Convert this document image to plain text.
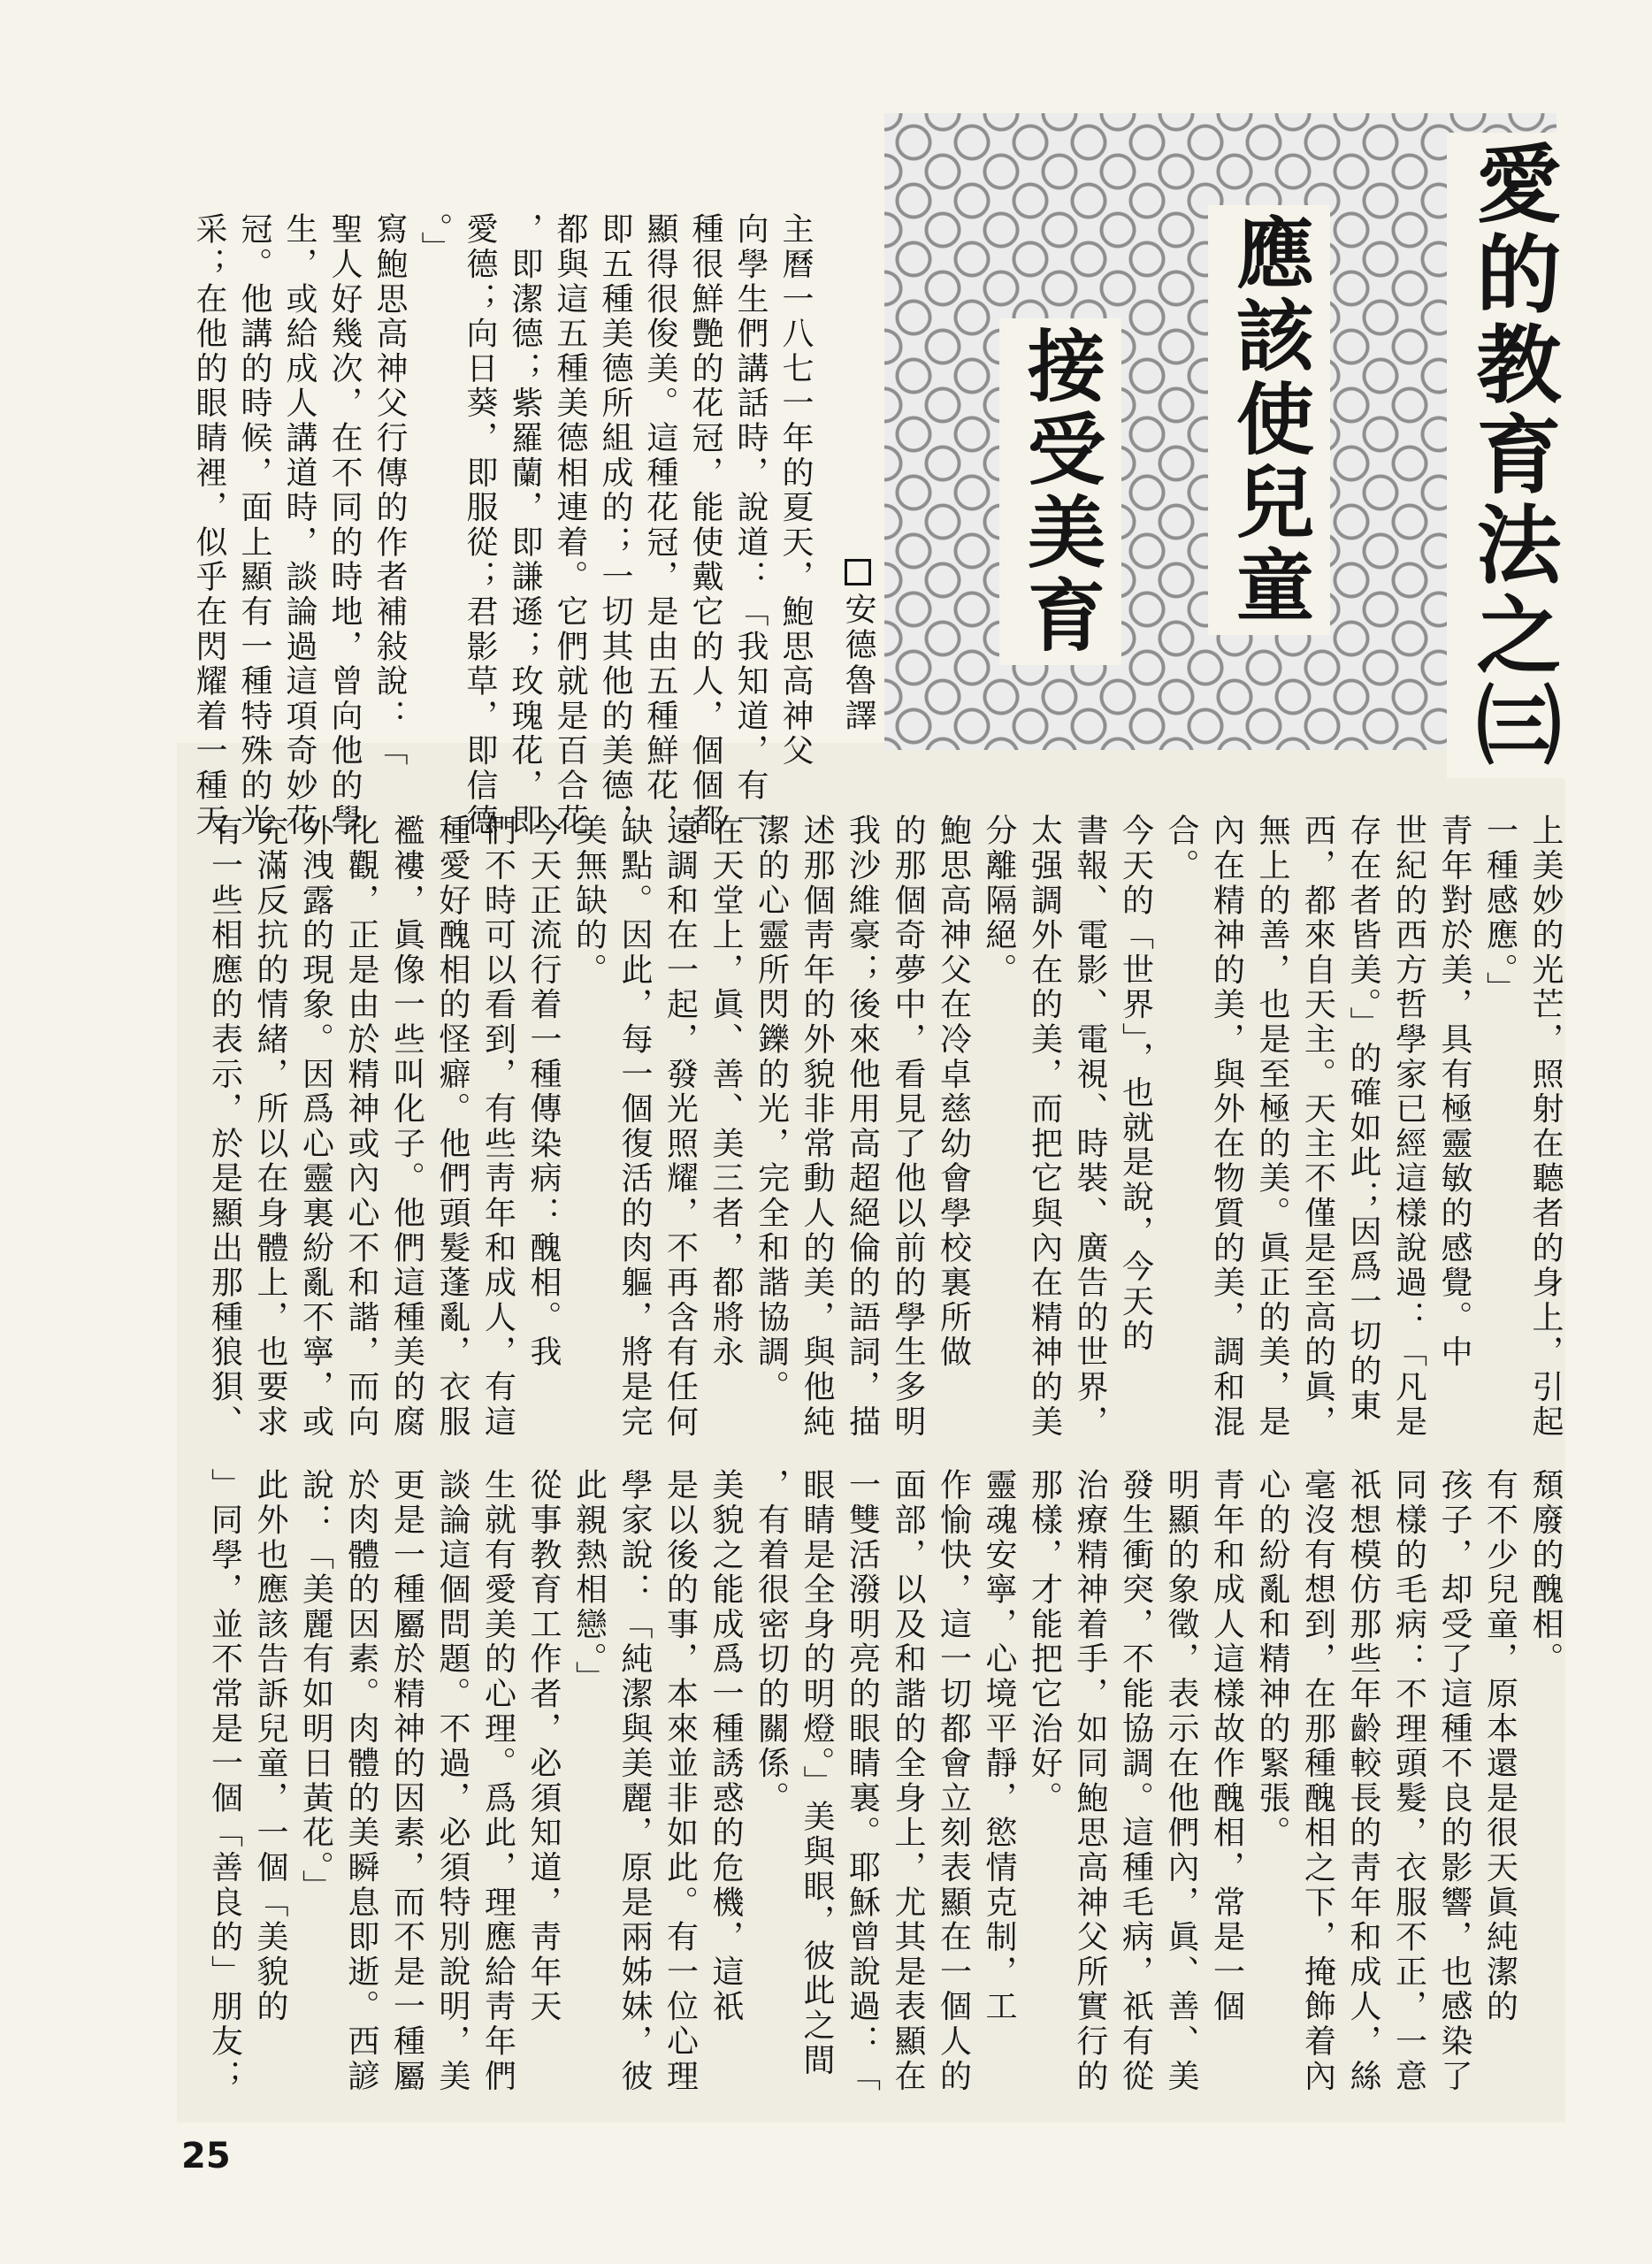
愛的教育法之㈢
應該使兒童
接受美育
安德魯譯
主曆一八七一年的夏天，鮑思高神父
向學生們講話時，說道：「我知道，有一
種很鮮艷的花冠，能使戴它的人，個個都
顯得很俊美。這種花冠，是由五種鮮花，
即五種美德所組成的；一切其他的美德，
都與這五種美德相連着。它們就是百合花
，即潔德；紫羅蘭，即謙遜；玫瑰花，即
愛德；向日葵，即服從；君影草，即信德
。」
寫鮑思高神父行傳的作者補敍說：「
聖人好幾次，在不同的時地，曾向他的學
生，或給成人講道時，談論過這項奇妙花
冠。他講的時候，面上顯有一種特殊的光
采；在他的眼睛裡，似乎在閃耀着一種天
上美妙的光芒，照射在聽者的身上，引起
一種感應。」
青年對於美，具有極靈敏的感覺。中
世紀的西方哲學家已經這樣說過：「凡是
存在者皆美。」的確如此；因爲一切的東
西，都來自天主。天主不僅是至高的眞，
無上的善，也是至極的美。眞正的美，是
內在精神的美，與外在物質的美，調和混
合。
今天的「世界」，也就是說，今天的
書報、電影、電視、時裝、廣告的世界，
太强調外在的美，而把它與內在精神的美
分離隔絕。
鮑思高神父在冷卓慈幼會學校裏所做
的那個奇夢中，看見了他以前的學生多明
我沙維豪；後來他用高超絕倫的語詞，描
述那個靑年的外貌非常動人的美，與他純
潔的心靈所閃鑠的光，完全和諧協調。
在天堂上，眞、善、美三者，都將永
遠調和在一起，發光照耀，不再含有任何
缺點。因此，每一個復活的肉軀，將是完
美無缺的。
今天正流行着一種傳染病：醜相。我
們不時可以看到，有些靑年和成人，有這
種愛好醜相的怪癖。他們頭髮蓬亂，衣服
襤褸，眞像一些叫化子。他們這種美的腐
化觀，正是由於精神或內心不和諧，而向
外洩露的現象。因爲心靈裏紛亂不寧，或
充滿反抗的情緒，所以在身體上，也要求
有一些相應的表示，於是顯出那種狼狽、
頹廢的醜相。
有不少兒童，原本還是很天眞純潔的
孩子，却受了這種不良的影響，也感染了
同樣的毛病：不理頭髮，衣服不正，一意
祇想模仿那些年齡較長的靑年和成人，絲
毫沒有想到，在那種醜相之下，掩飾着內
心的紛亂和精神的緊張。
青年和成人這樣故作醜相，常是一個
明顯的象徵，表示在他們內，眞、善、美
發生衝突，不能協調。這種毛病，祇有從
治療精神着手，如同鮑思高神父所實行的
那樣，才能把它治好。
靈魂安寧，心境平靜，慾情克制，工
作愉快，這一切都會立刻表顯在一個人的
面部，以及和諧的全身上，尤其是表顯在
一雙活潑明亮的眼睛裏。耶穌曾說過：「
眼睛是全身的明燈。」美與眼，彼此之間
，有着很密切的關係。
美貌之能成爲一種誘惑的危機，這祇
是以後的事，本來並非如此。有一位心理
學家說：「純潔與美麗，原是兩姊妹，彼
此親熱相戀。」
從事教育工作者，必須知道，靑年天
生就有愛美的心理。爲此，理應給靑年們
談論這個問題。不過，必須特別說明，美
更是一種屬於精神的因素，而不是一種屬
於肉體的因素。肉體的美瞬息即逝。西諺
說：「美麗有如明日黃花。」
此外也應該告訴兒童，一個「美貌的
」同學，並不常是一個「善良的」朋友；
25
